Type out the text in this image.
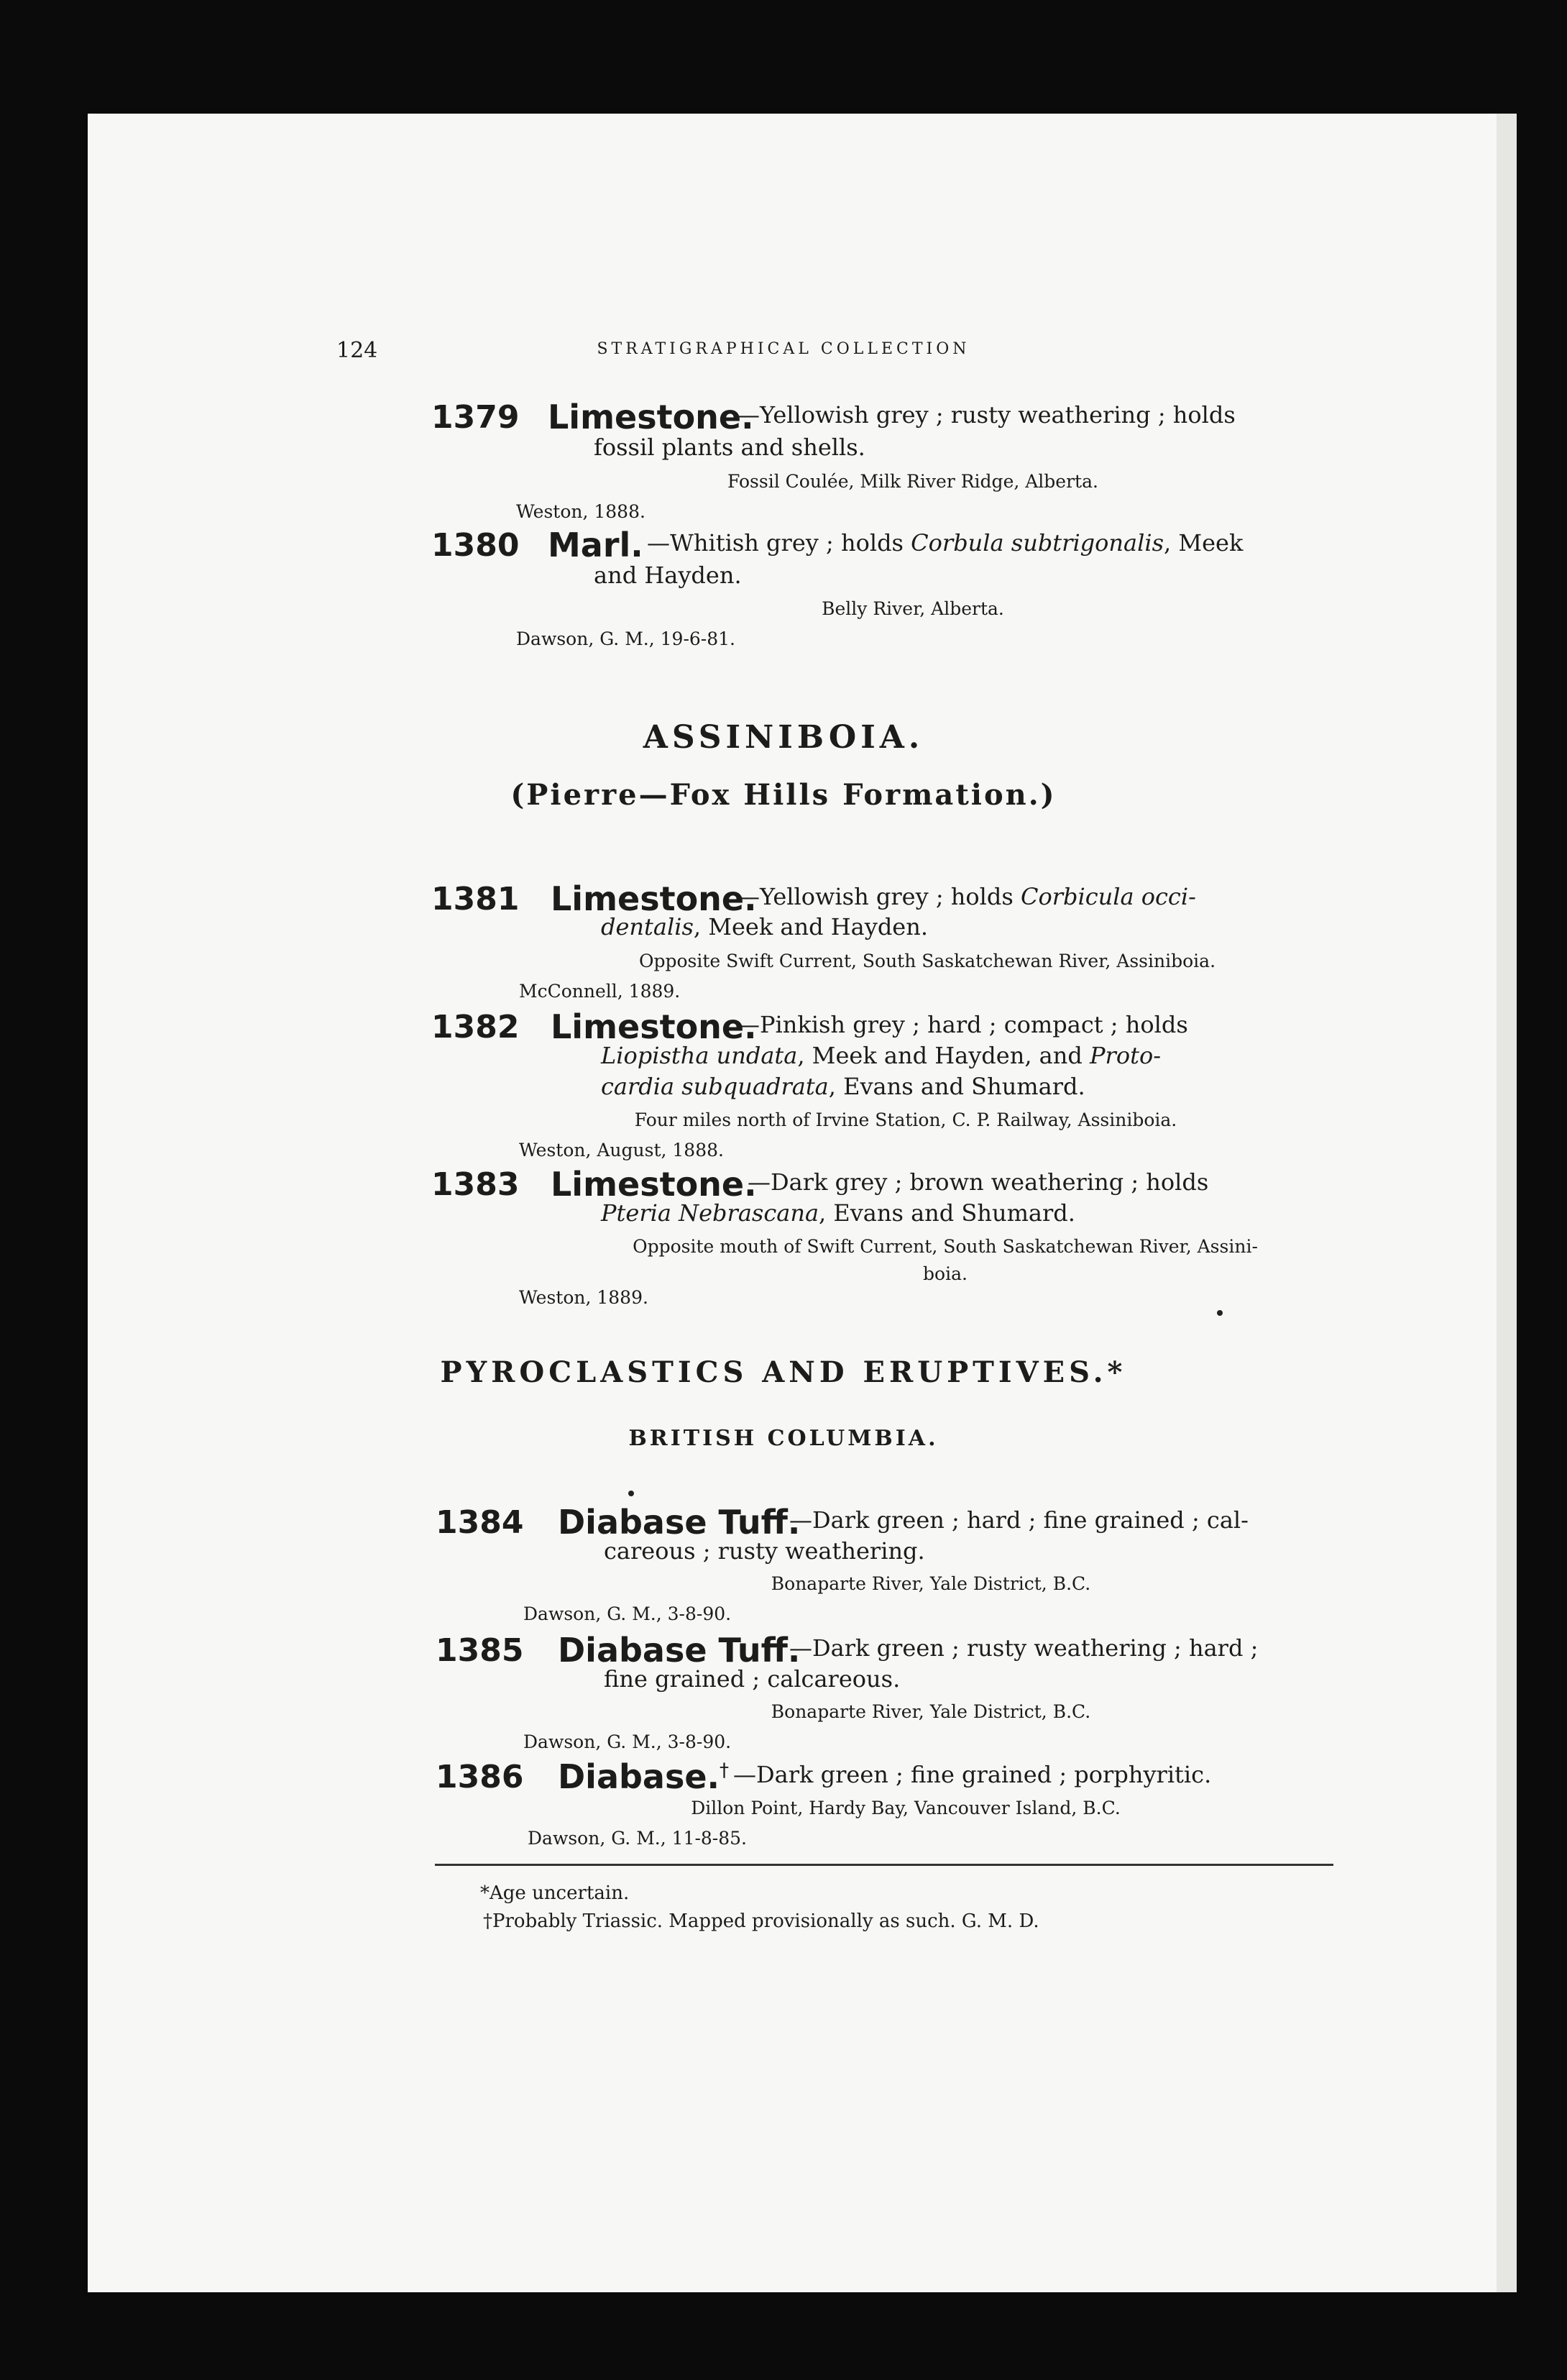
124	STRATIGRAPHICAL COLLECTION
1379 Limestone.
—Yellowish grey ; rusty weathering ; holds
fossil plants and shells.
Fossil Coulée, Milk River Ridge, Alberta.
Weston, 1888.
1380 Marl. —Whitish grey ; holds Corbula subtrigonalis, Meek
and Hayden.
Belly River, Alberta.
Dawson, G. M., 19-6-81.
ASSINIBOIA.
(Pierre—Fox Hills Formation.)
1381 Limestone.
—Yellowish grey ; holds Corbicula occi-
dentalis, Meek and Hayden.
Opposite Swift Current, South Saskatchewan River, Assiniboia.
McConnell, 1889.
1382 Limestone.
—Pinkish grey ; hard ; compact ; holds
Liopistha undata, Meek and Hayden, and Proto-
cardia subquadrata, Evans and Shumard.
Four miles north of Irvine Station, C. P. Railway, Assiniboia.
Weston, August, 1888.
1383 Limestone.
—Dark grey ; brown weathering ; holds
Pteria Nebrascana, Evans and Shumard.
Opposite mouth of Swift Current, South Saskatchewan River, Assini-
boia.
Weston, 1889.
PYROCLASTICS AND ERUPTIVES.*
BRITISH COLUMBIA.
1384 Diabase Tuff.
—Dark green ; hard ; fine grained ; cal-
careous ; rusty weathering.
Bonaparte River, Yale District, B.C.
Dawson, G. M., 3-8-90.
1385 Diabase Tuff.
—Dark green ; rusty weathering ; hard ;
fine grained ; calcareous.
Bonaparte River, Yale District, B.C.
Dawson, G. M., 3-8-90.
1386 Diabase.† —Dark green ; fine grained ; porphyritic.
Dillon Point, Hardy Bay, Vancouver Island, B.C.
Dawson, G. M., 11-8-85.
*Age uncertain.
†Probably Triassic. Mapped provisionally as such. G. M. D.
